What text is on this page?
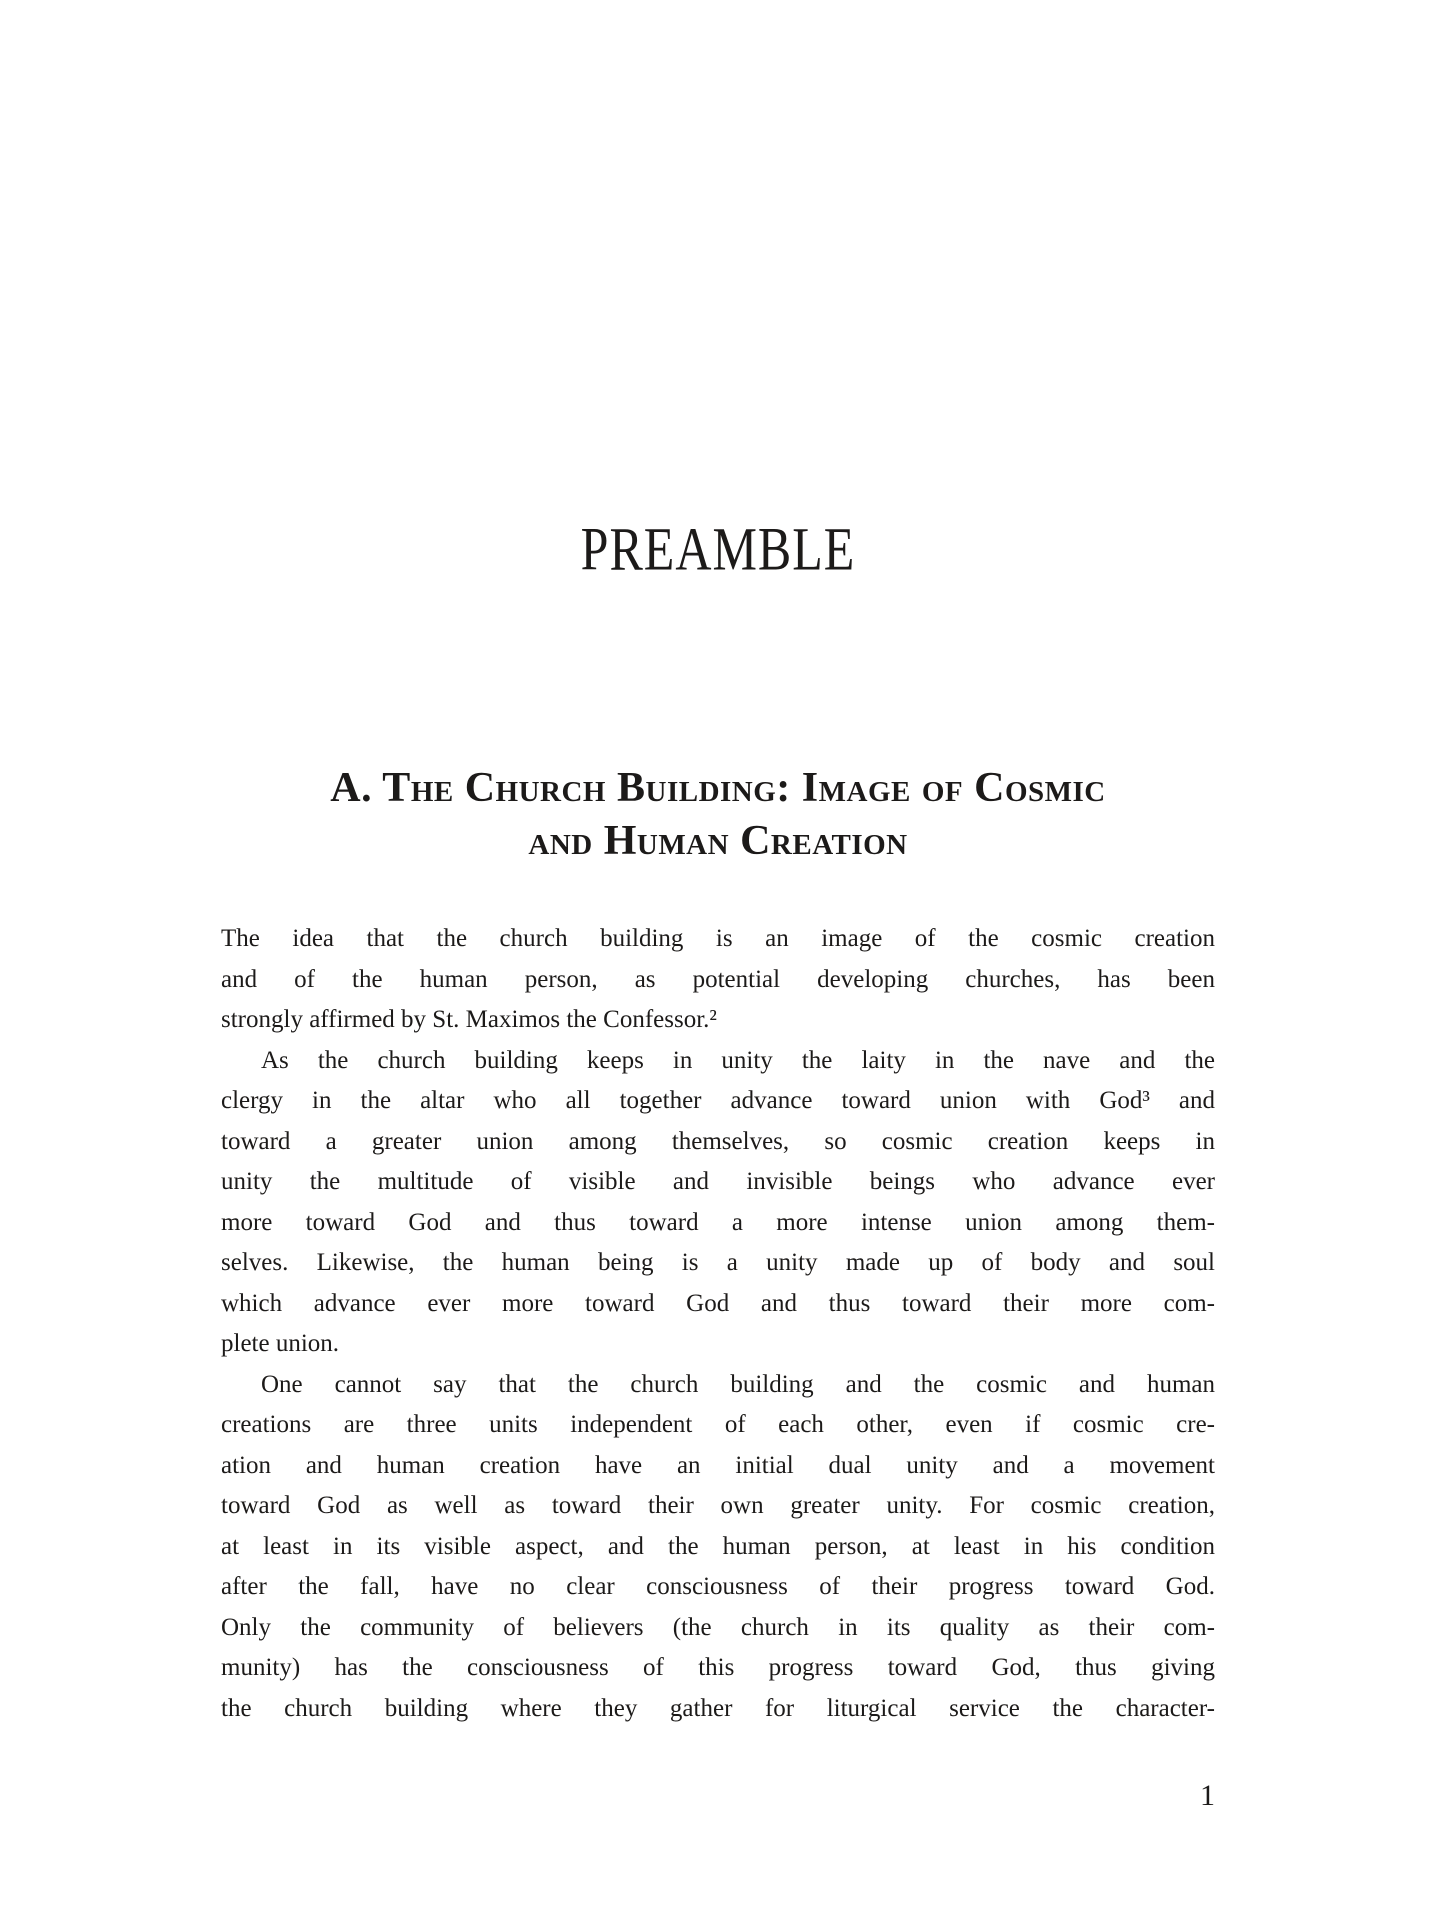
PREAMBLE
A. The Church Building: Image of Cosmic
and Human Creation
The idea that the church building is an image of the cosmic creation
and of the human person, as potential developing churches, has been
strongly affirmed by St. Maximos the Confessor.²
As the church building keeps in unity the laity in the nave and the
clergy in the altar who all together advance toward union with God³ and
toward a greater union among themselves, so cosmic creation keeps in
unity the multitude of visible and invisible beings who advance ever
more toward God and thus toward a more intense union among them-
selves. Likewise, the human being is a unity made up of body and soul
which advance ever more toward God and thus toward their more com-
plete union.
One cannot say that the church building and the cosmic and human
creations are three units independent of each other, even if cosmic cre-
ation and human creation have an initial dual unity and a movement
toward God as well as toward their own greater unity. For cosmic creation,
at least in its visible aspect, and the human person, at least in his condition
after the fall, have no clear consciousness of their progress toward God.
Only the community of believers (the church in its quality as their com-
munity) has the consciousness of this progress toward God, thus giving
the church building where they gather for liturgical service the character-
1
